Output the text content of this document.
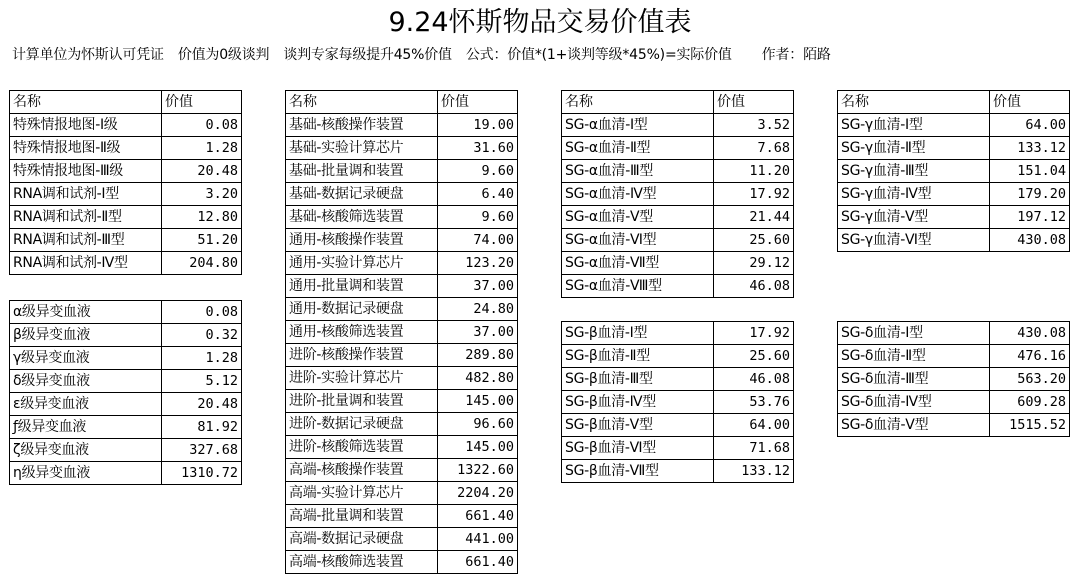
9.24怀斯物品交易价值表
计算单位为怀斯认可凭证 价值为0级谈判 谈判专家每级提升45%价值 公式：价值*(1+谈判等级*45%)=实际价值 作者：陌路
名称	价值
特殊情报地图-Ⅰ级	0.08
特殊情报地图-Ⅱ级	1.28
特殊情报地图-Ⅲ级	20.48
RNA调和试剂-Ⅰ型	3.20
RNA调和试剂-Ⅱ型	12.80
RNA调和试剂-Ⅲ型	51.20
RNA调和试剂-Ⅳ型	204.80
α级异变血液	0.08
β级异变血液	0.32
γ级异变血液	1.28
δ级异变血液	5.12
ε级异变血液	20.48
ƒ级异变血液	81.92
ζ级异变血液	327.68
η级异变血液	1310.72
名称	价值
基础-核酸操作装置	19.00
基础-实验计算芯片	31.60
基础-批量调和装置	9.60
基础-数据记录硬盘	6.40
基础-核酸筛选装置	9.60
通用-核酸操作装置	74.00
通用-实验计算芯片	123.20
通用-批量调和装置	37.00
通用-数据记录硬盘	24.80
通用-核酸筛选装置	37.00
进阶-核酸操作装置	289.80
进阶-实验计算芯片	482.80
进阶-批量调和装置	145.00
进阶-数据记录硬盘	96.60
进阶-核酸筛选装置	145.00
高端-核酸操作装置	1322.60
高端-实验计算芯片	2204.20
高端-批量调和装置	661.40
高端-数据记录硬盘	441.00
高端-核酸筛选装置	661.40
名称	价值
SG-α血清-Ⅰ型	3.52
SG-α血清-Ⅱ型	7.68
SG-α血清-Ⅲ型	11.20
SG-α血清-Ⅳ型	17.92
SG-α血清-Ⅴ型	21.44
SG-α血清-Ⅵ型	25.60
SG-α血清-Ⅶ型	29.12
SG-α血清-Ⅷ型	46.08
SG-β血清-Ⅰ型	17.92
SG-β血清-Ⅱ型	25.60
SG-β血清-Ⅲ型	46.08
SG-β血清-Ⅳ型	53.76
SG-β血清-Ⅴ型	64.00
SG-β血清-Ⅵ型	71.68
SG-β血清-Ⅶ型	133.12
名称	价值
SG-γ血清-Ⅰ型	64.00
SG-γ血清-Ⅱ型	133.12
SG-γ血清-Ⅲ型	151.04
SG-γ血清-Ⅳ型	179.20
SG-γ血清-Ⅴ型	197.12
SG-γ血清-Ⅵ型	430.08
SG-δ血清-Ⅰ型	430.08
SG-δ血清-Ⅱ型	476.16
SG-δ血清-Ⅲ型	563.20
SG-δ血清-Ⅳ型	609.28
SG-δ血清-Ⅴ型	1515.52
